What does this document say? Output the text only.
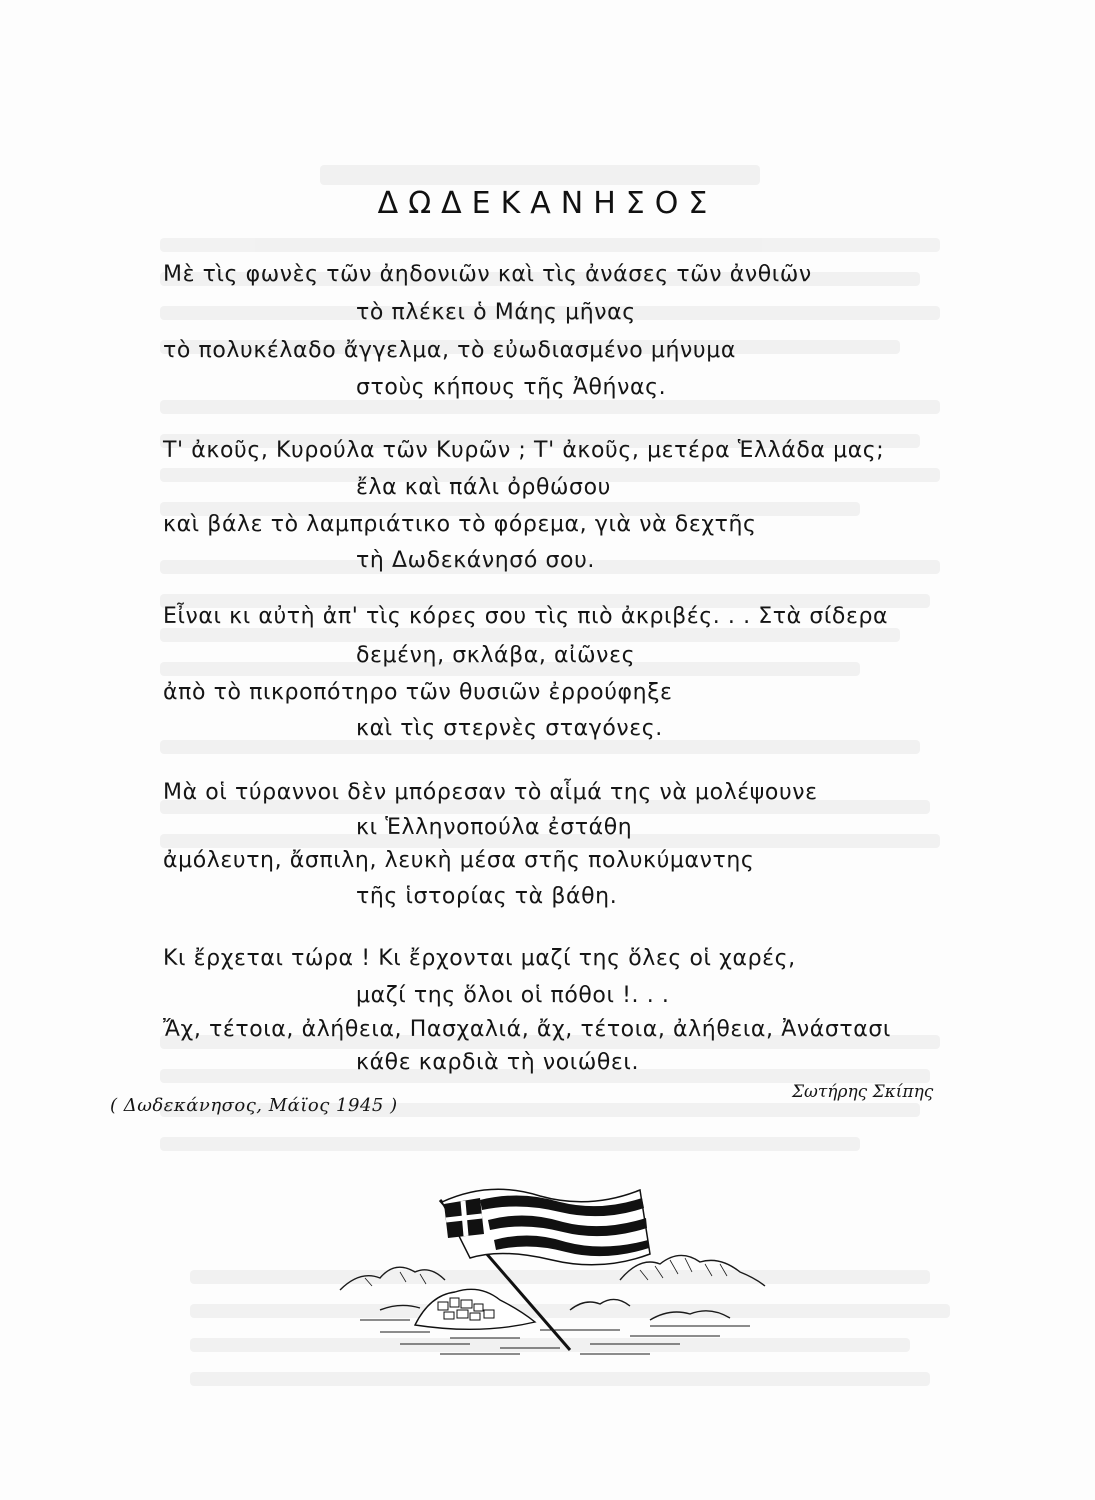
ΔΩΔΕΚΑΝΗΣΟΣ
Μὲ τὶς φωνὲς τῶν ἀηδονιῶν καὶ τὶς ἀνάσες τῶν ἀνθιῶν
τὸ πλέκει ὁ Μάης μῆνας
τὸ πολυκέλαδο ἄγγελμα, τὸ εὐωδιασμένο μήνυμα
στοὺς κήπους τῆς Ἀθήνας.
Τ' ἀκοῦς, Κυρούλα τῶν Κυρῶν ; Τ' ἀκοῦς, μετέρα Ἑλλάδα μας;
ἔλα καὶ πάλι ὀρθώσου
καὶ βάλε τὸ λαμπριάτικο τὸ φόρεμα, γιὰ νὰ δεχτῆς
τὴ Δωδεκάνησό σου.
Εἶναι κι αὐτὴ ἀπ' τὶς κόρες σου τὶς πιὸ ἀκριβές. . . Στὰ σίδερα
δεμένη, σκλάβα, αἰῶνες
ἀπὸ τὸ πικροπότηρο τῶν θυσιῶν ἐρρούφηξε
καὶ τὶς στερνὲς σταγόνες.
Μὰ οἱ τύραννοι δὲν μπόρεσαν τὸ αἷμά της νὰ μολέψουνε
κι Ἑλληνοπούλα ἐστάθη
ἀμόλευτη, ἄσπιλη, λευκὴ μέσα στῆς πολυκύμαντης
τῆς ἱστορίας τὰ βάθη.
Κι ἔρχεται τώρα ! Κι ἔρχονται μαζί της ὅλες οἱ χαρές,
μαζί της ὅλοι οἱ πόθοι !. . .
Ἄχ, τέτοια, ἀλήθεια, Πασχαλιά, ἄχ, τέτοια, ἀλήθεια, Ἀνάστασι
κάθε καρδιὰ τὴ νοιώθει.
( Δωδεκάνησος, Μάϊος 1945 )
Σωτήρης Σκίπης
